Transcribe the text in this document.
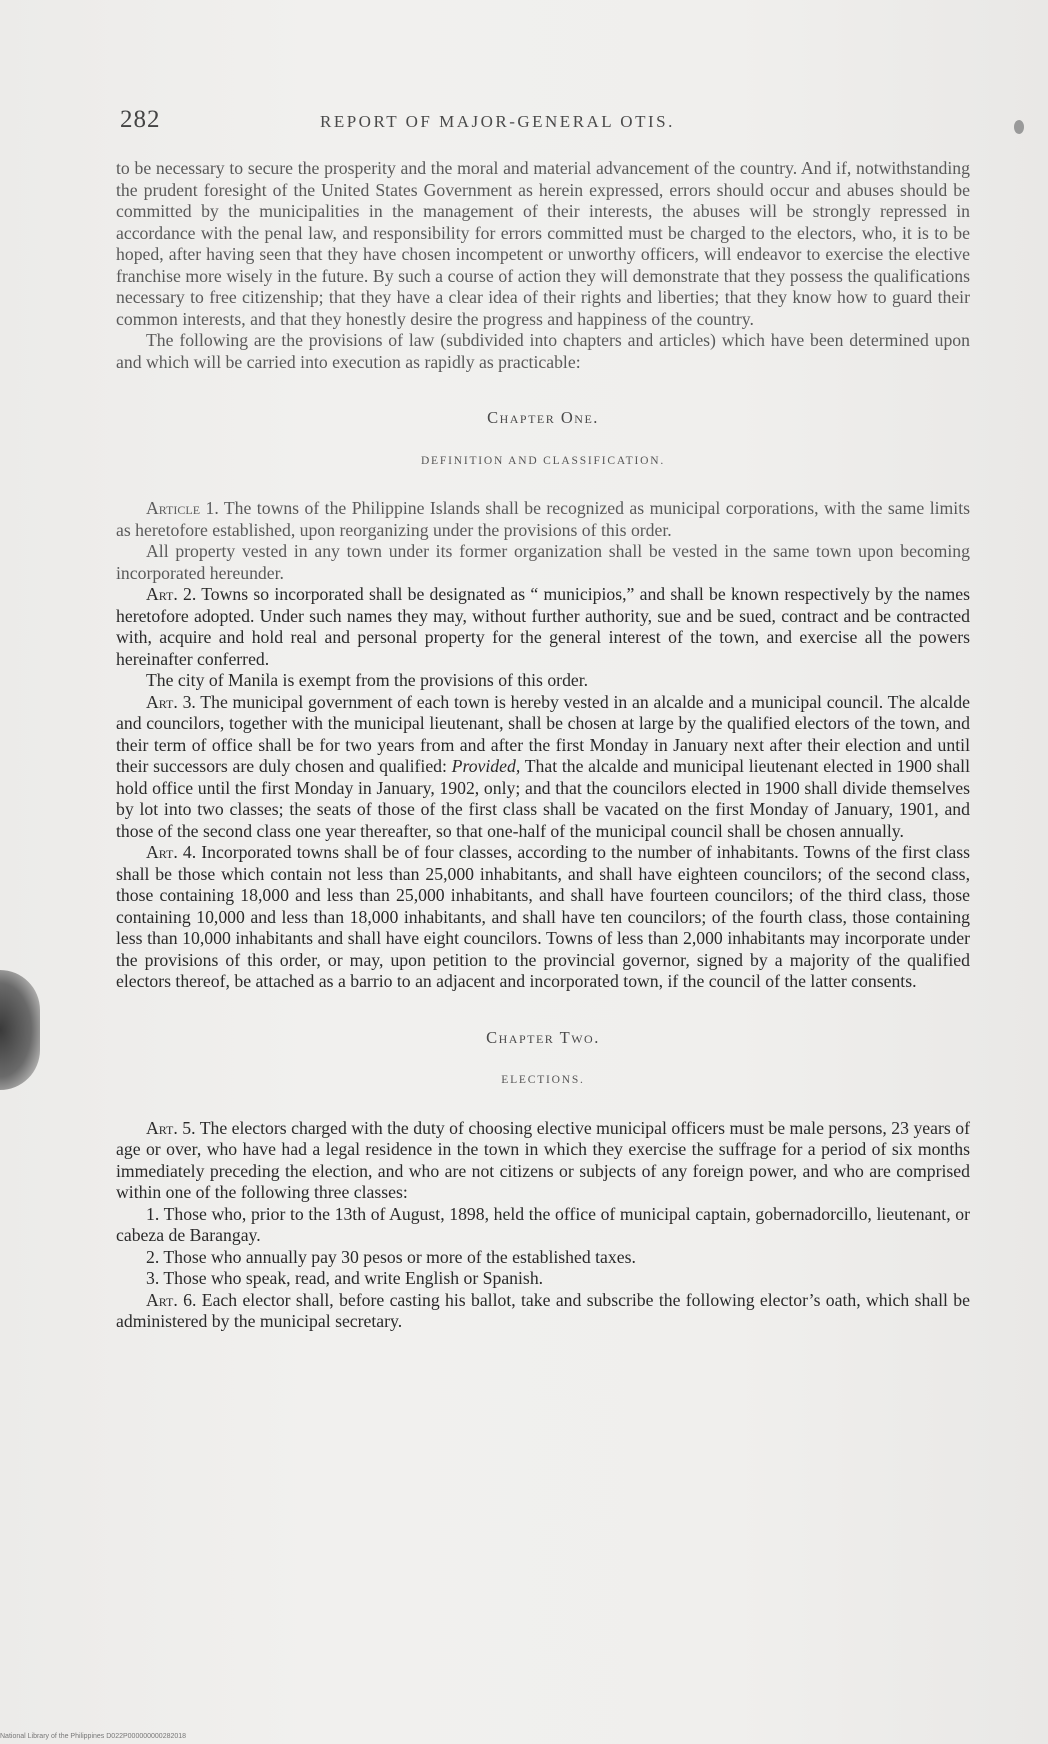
282	REPORT OF MAJOR-GENERAL OTIS.

to be necessary to secure the prosperity and the moral and material advancement of the country. And if, notwithstanding the prudent foresight of the United States Government as herein expressed, errors should occur and abuses should be committed by the municipalities in the management of their interests, the abuses will be strongly repressed in accordance with the penal law, and responsibility for errors committed must be charged to the electors, who, it is to be hoped, after having seen that they have chosen incompetent or unworthy officers, will endeavor to exercise the elective franchise more wisely in the future. By such a course of action they will demonstrate that they possess the qualifications necessary to free citizenship; that they have a clear idea of their rights and liberties; that they know how to guard their common interests, and that they honestly desire the progress and happiness of the country.

The following are the provisions of law (subdivided into chapters and articles) which have been determined upon and which will be carried into execution as rapidly as practicable:

Chapter One.
DEFINITION AND CLASSIFICATION.

Article 1. The towns of the Philippine Islands shall be recognized as municipal corporations, with the same limits as heretofore established, upon reorganizing under the provisions of this order.

All property vested in any town under its former organization shall be vested in the same town upon becoming incorporated hereunder.

Art. 2. Towns so incorporated shall be designated as “ municipios,” and shall be known respectively by the names heretofore adopted. Under such names they may, without further authority, sue and be sued, contract and be contracted with, acquire and hold real and personal property for the general interest of the town, and exercise all the powers hereinafter conferred.

The city of Manila is exempt from the provisions of this order.

Art. 3. The municipal government of each town is hereby vested in an alcalde and a municipal council. The alcalde and councilors, together with the municipal lieutenant, shall be chosen at large by the qualified electors of the town, and their term of office shall be for two years from and after the first Monday in January next after their election and until their successors are duly chosen and qualified: Provided, That the alcalde and municipal lieutenant elected in 1900 shall hold office until the first Monday in January, 1902, only; and that the councilors elected in 1900 shall divide themselves by lot into two classes; the seats of those of the first class shall be vacated on the first Monday of January, 1901, and those of the second class one year thereafter, so that one-half of the municipal council shall be chosen annually.

Art. 4. Incorporated towns shall be of four classes, according to the number of inhabitants. Towns of the first class shall be those which contain not less than 25,000 inhabitants, and shall have eighteen councilors; of the second class, those containing 18,000 and less than 25,000 inhabitants, and shall have fourteen councilors; of the third class, those containing 10,000 and less than 18,000 inhabitants, and shall have ten councilors; of the fourth class, those containing less than 10,000 inhabitants and shall have eight councilors. Towns of less than 2,000 inhabitants may incorporate under the provisions of this order, or may, upon petition to the provincial governor, signed by a majority of the qualified electors thereof, be attached as a barrio to an adjacent and incorporated town, if the council of the latter consents.

Chapter Two.
ELECTIONS.

Art. 5. The electors charged with the duty of choosing elective municipal officers must be male persons, 23 years of age or over, who have had a legal residence in the town in which they exercise the suffrage for a period of six months immediately preceding the election, and who are not citizens or subjects of any foreign power, and who are comprised within one of the following three classes:

1. Those who, prior to the 13th of August, 1898, held the office of municipal captain, gobernadorcillo, lieutenant, or cabeza de Barangay.

2. Those who annually pay 30 pesos or more of the established taxes.

3. Those who speak, read, and write English or Spanish.

Art. 6. Each elector shall, before casting his ballot, take and subscribe the following elector’s oath, which shall be administered by the municipal secretary.

National Library of the Philippines D022P000000000282018
